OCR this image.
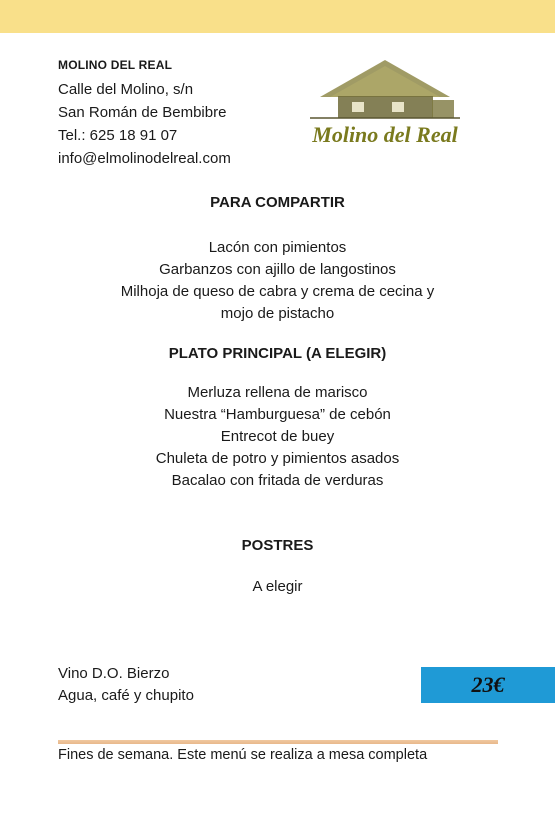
MOLINO DEL REAL
Calle del Molino, s/n
San Román de Bembibre
Tel.: 625 18 91 07
info@elmolinodelreal.com
Molino del Real
PARA COMPARTIR
Lacón con pimientos
Garbanzos con ajillo de langostinos
Milhoja de queso de cabra y crema de cecina y
mojo de pistacho
PLATO PRINCIPAL (A ELEGIR)
Merluza rellena de marisco
Nuestra “Hamburguesa” de cebón
Entrecot de buey
Chuleta de potro y pimientos asados
Bacalao con fritada de verduras
POSTRES
A elegir
Vino D.O. Bierzo
Agua, café y chupito	23€
Fines de semana. Este menú se realiza a mesa completa
